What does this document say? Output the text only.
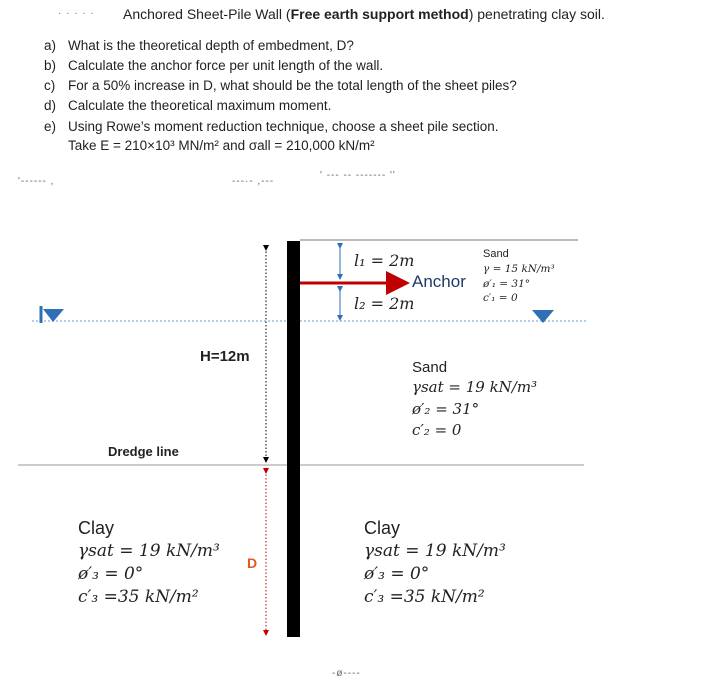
· · · · · Anchored Sheet-Pile Wall (Free earth support method) penetrating clay soil.
a) What is the theoretical depth of embedment, D?
b) Calculate the anchor force per unit length of the wall.
c) For a 50% increase in D, what should be the total length of the sheet piles?
d) Calculate the theoretical maximum moment.
e) Using Rowe’s moment reduction technique, choose a sheet pile section.
Take E = 210×10³ MN/m² and σall = 210,000 kN/m²
'‐‐‐‐‐‐ ,	‐‐‐·‐ ,‐‐‐
' ‐‐‐ ‐‐ ‐‐‐‐‐‐‐ ''
‐ø‐‐‐‐
H=12m
Dredge line
D
l₁ = 2m
l₂ = 2m
Anchor
Sand
γ = 15 kN/m³
ø′₁ = 31°
c′₁ = 0
Sand
γsat = 19 kN/m³
ø′₂ = 31°
c′₂ = 0
Clay
γsat = 19 kN/m³
ø′₃ = 0°
c′₃ =35 kN/m²
Clay
γsat = 19 kN/m³
ø′₃ = 0°
c′₃ =35 kN/m²
